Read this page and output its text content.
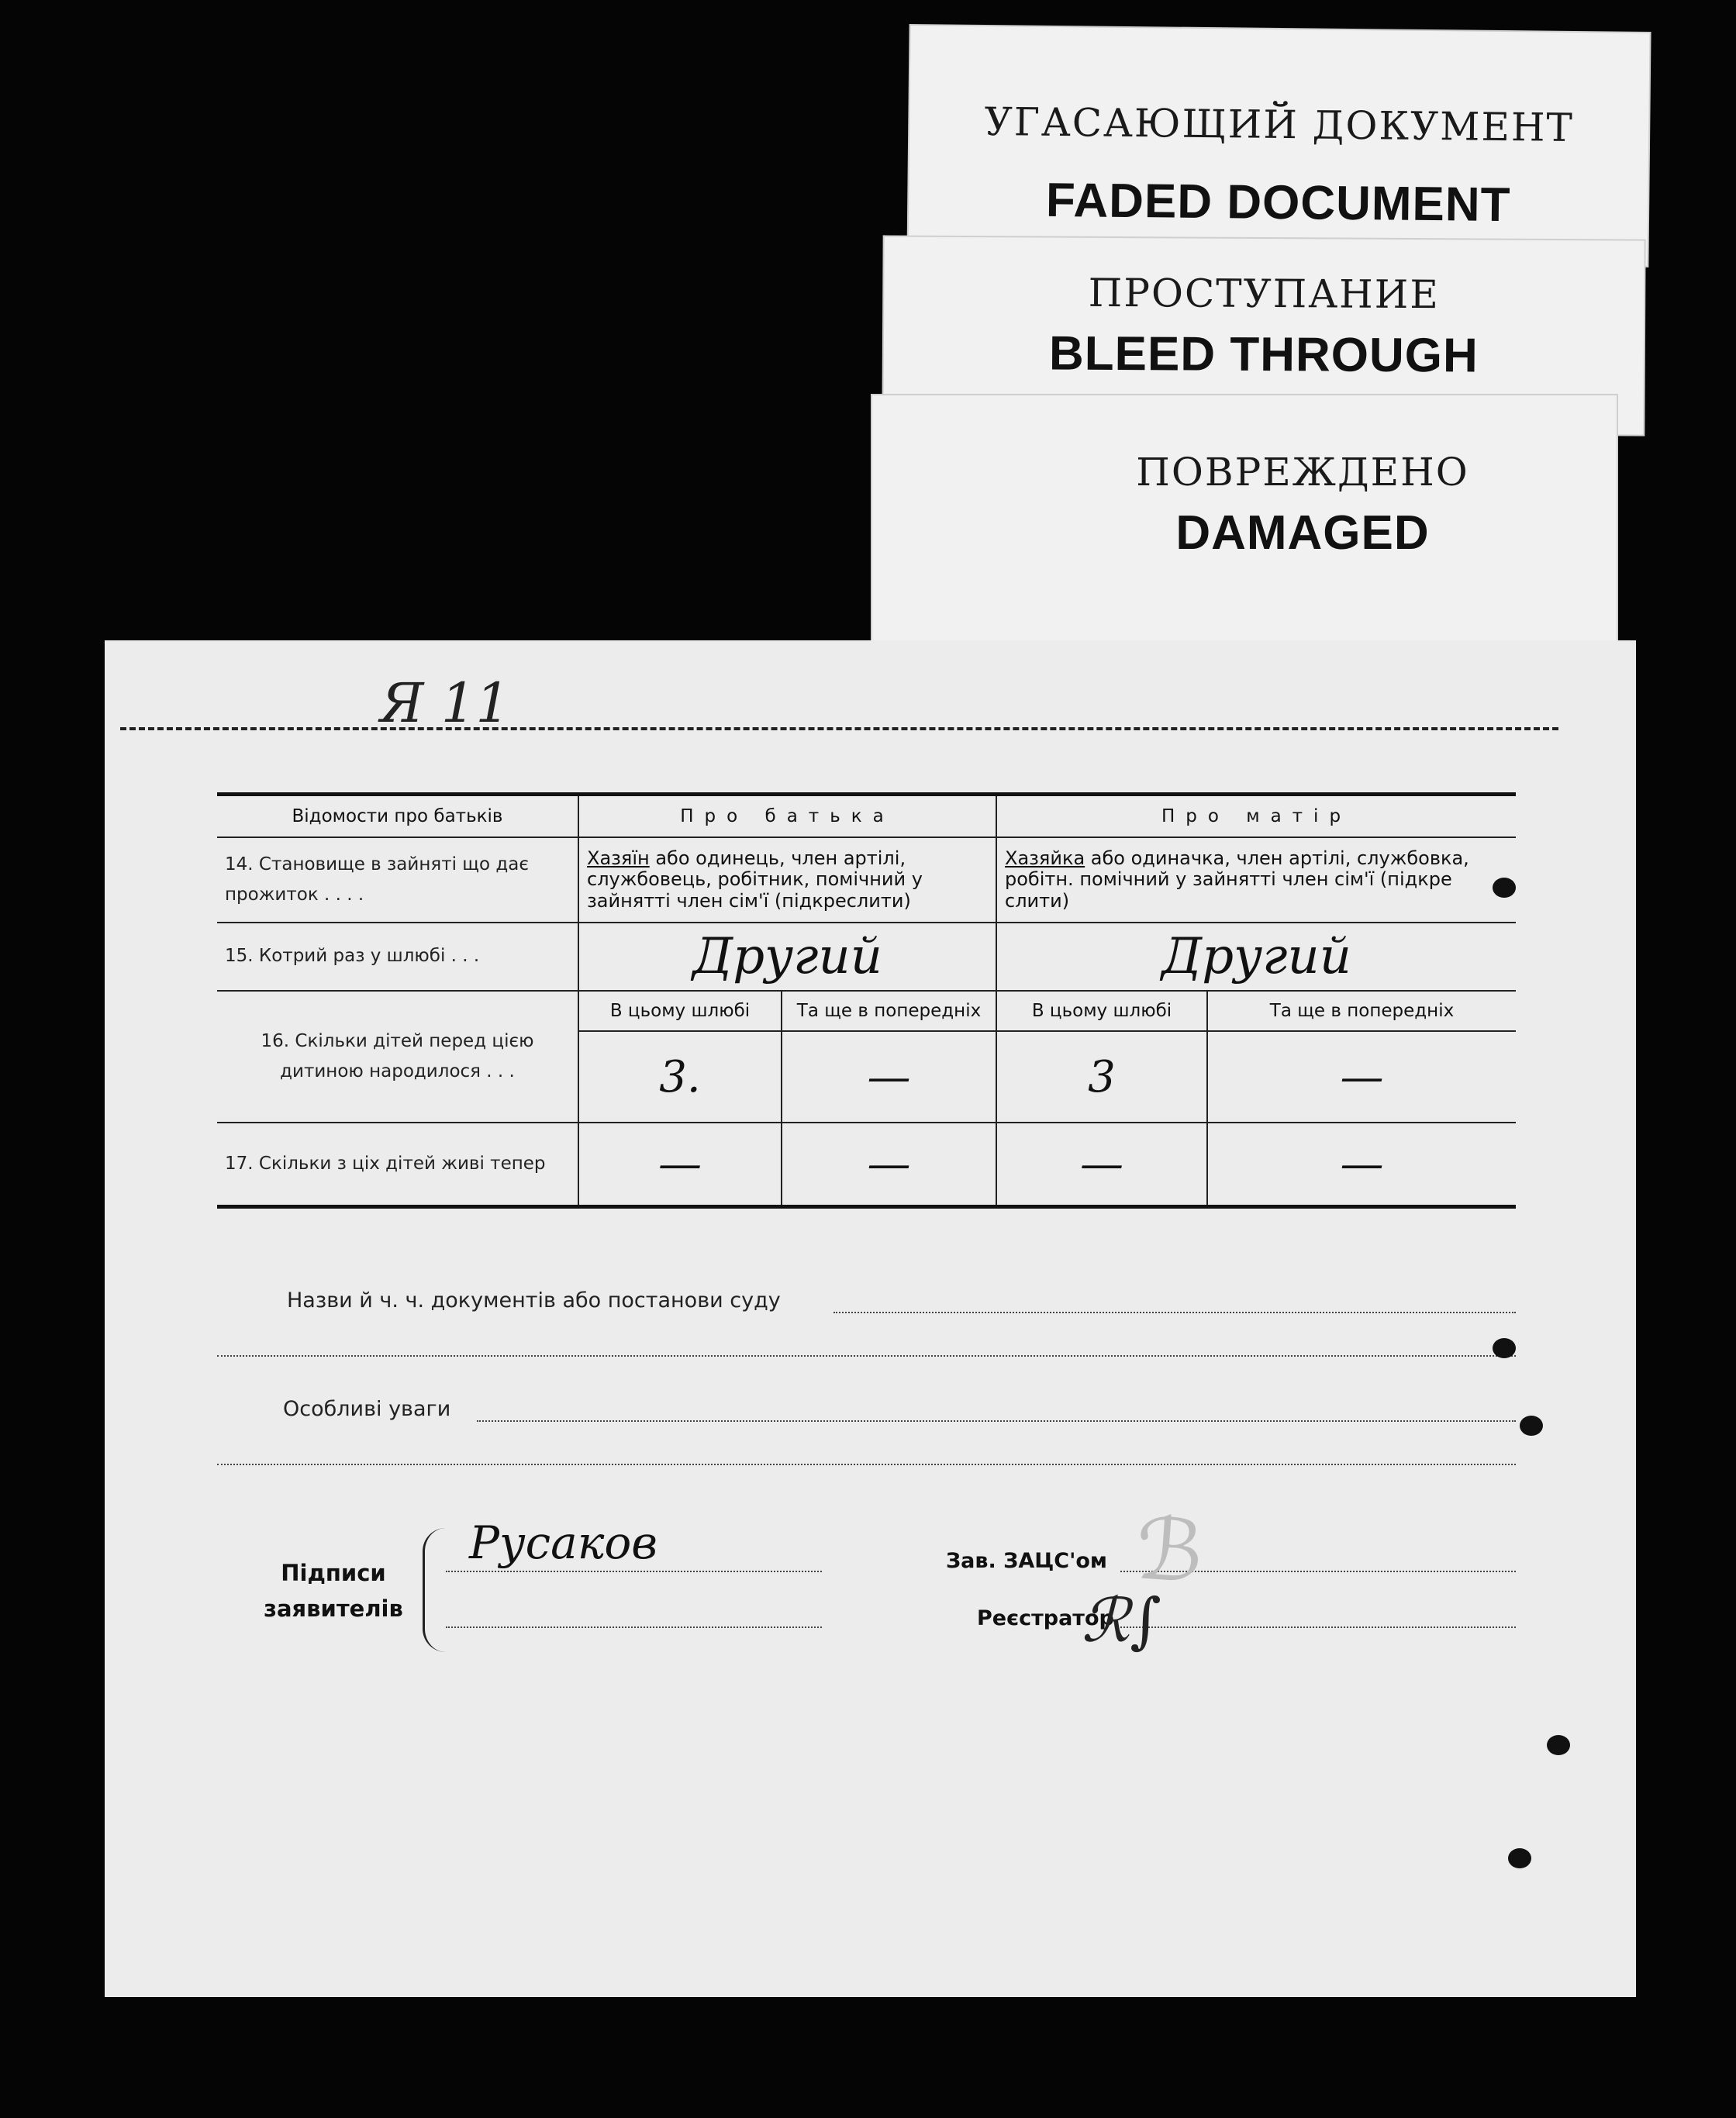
УГАСАЮЩИЙ ДОКУМЕНТ
FADED DOCUMENT
ПРОСТУПАНИЕ
BLEED THROUGH
ПОВРЕЖДЕНО
DAMAGED
Я 11
Відомости про батьків	Про батька		Про матір	
14. Становище в зайняті що дає прожиток . . . .	Хазяїн або одинець, член артілі, службовець, робітник, помічний у зайнятті член сім'ї (підкреслити)		Хазяйка або одиначка, член артілі, службовка, робітн. помічний у зайнятті член сім'ї (підкре слити)	
15. Котрий раз у шлюбі . . .	Другий		Другий	
16. Скільки дітей перед цією дитиною народилося . . .	В цьому шлюбі	Та ще в попередніх	В цьому шлюбі	Та ще в попередніх
	3.	—	3	—
17. Скільки з ціх дітей живі тепер	—	—	—	—
Назви й ч. ч. документів або постанови суду
Особливі уваги
Підписи заявителів
Русаков	Зав. ЗАЦС'ом
Реєстратор
ℬ
ℛ∫
